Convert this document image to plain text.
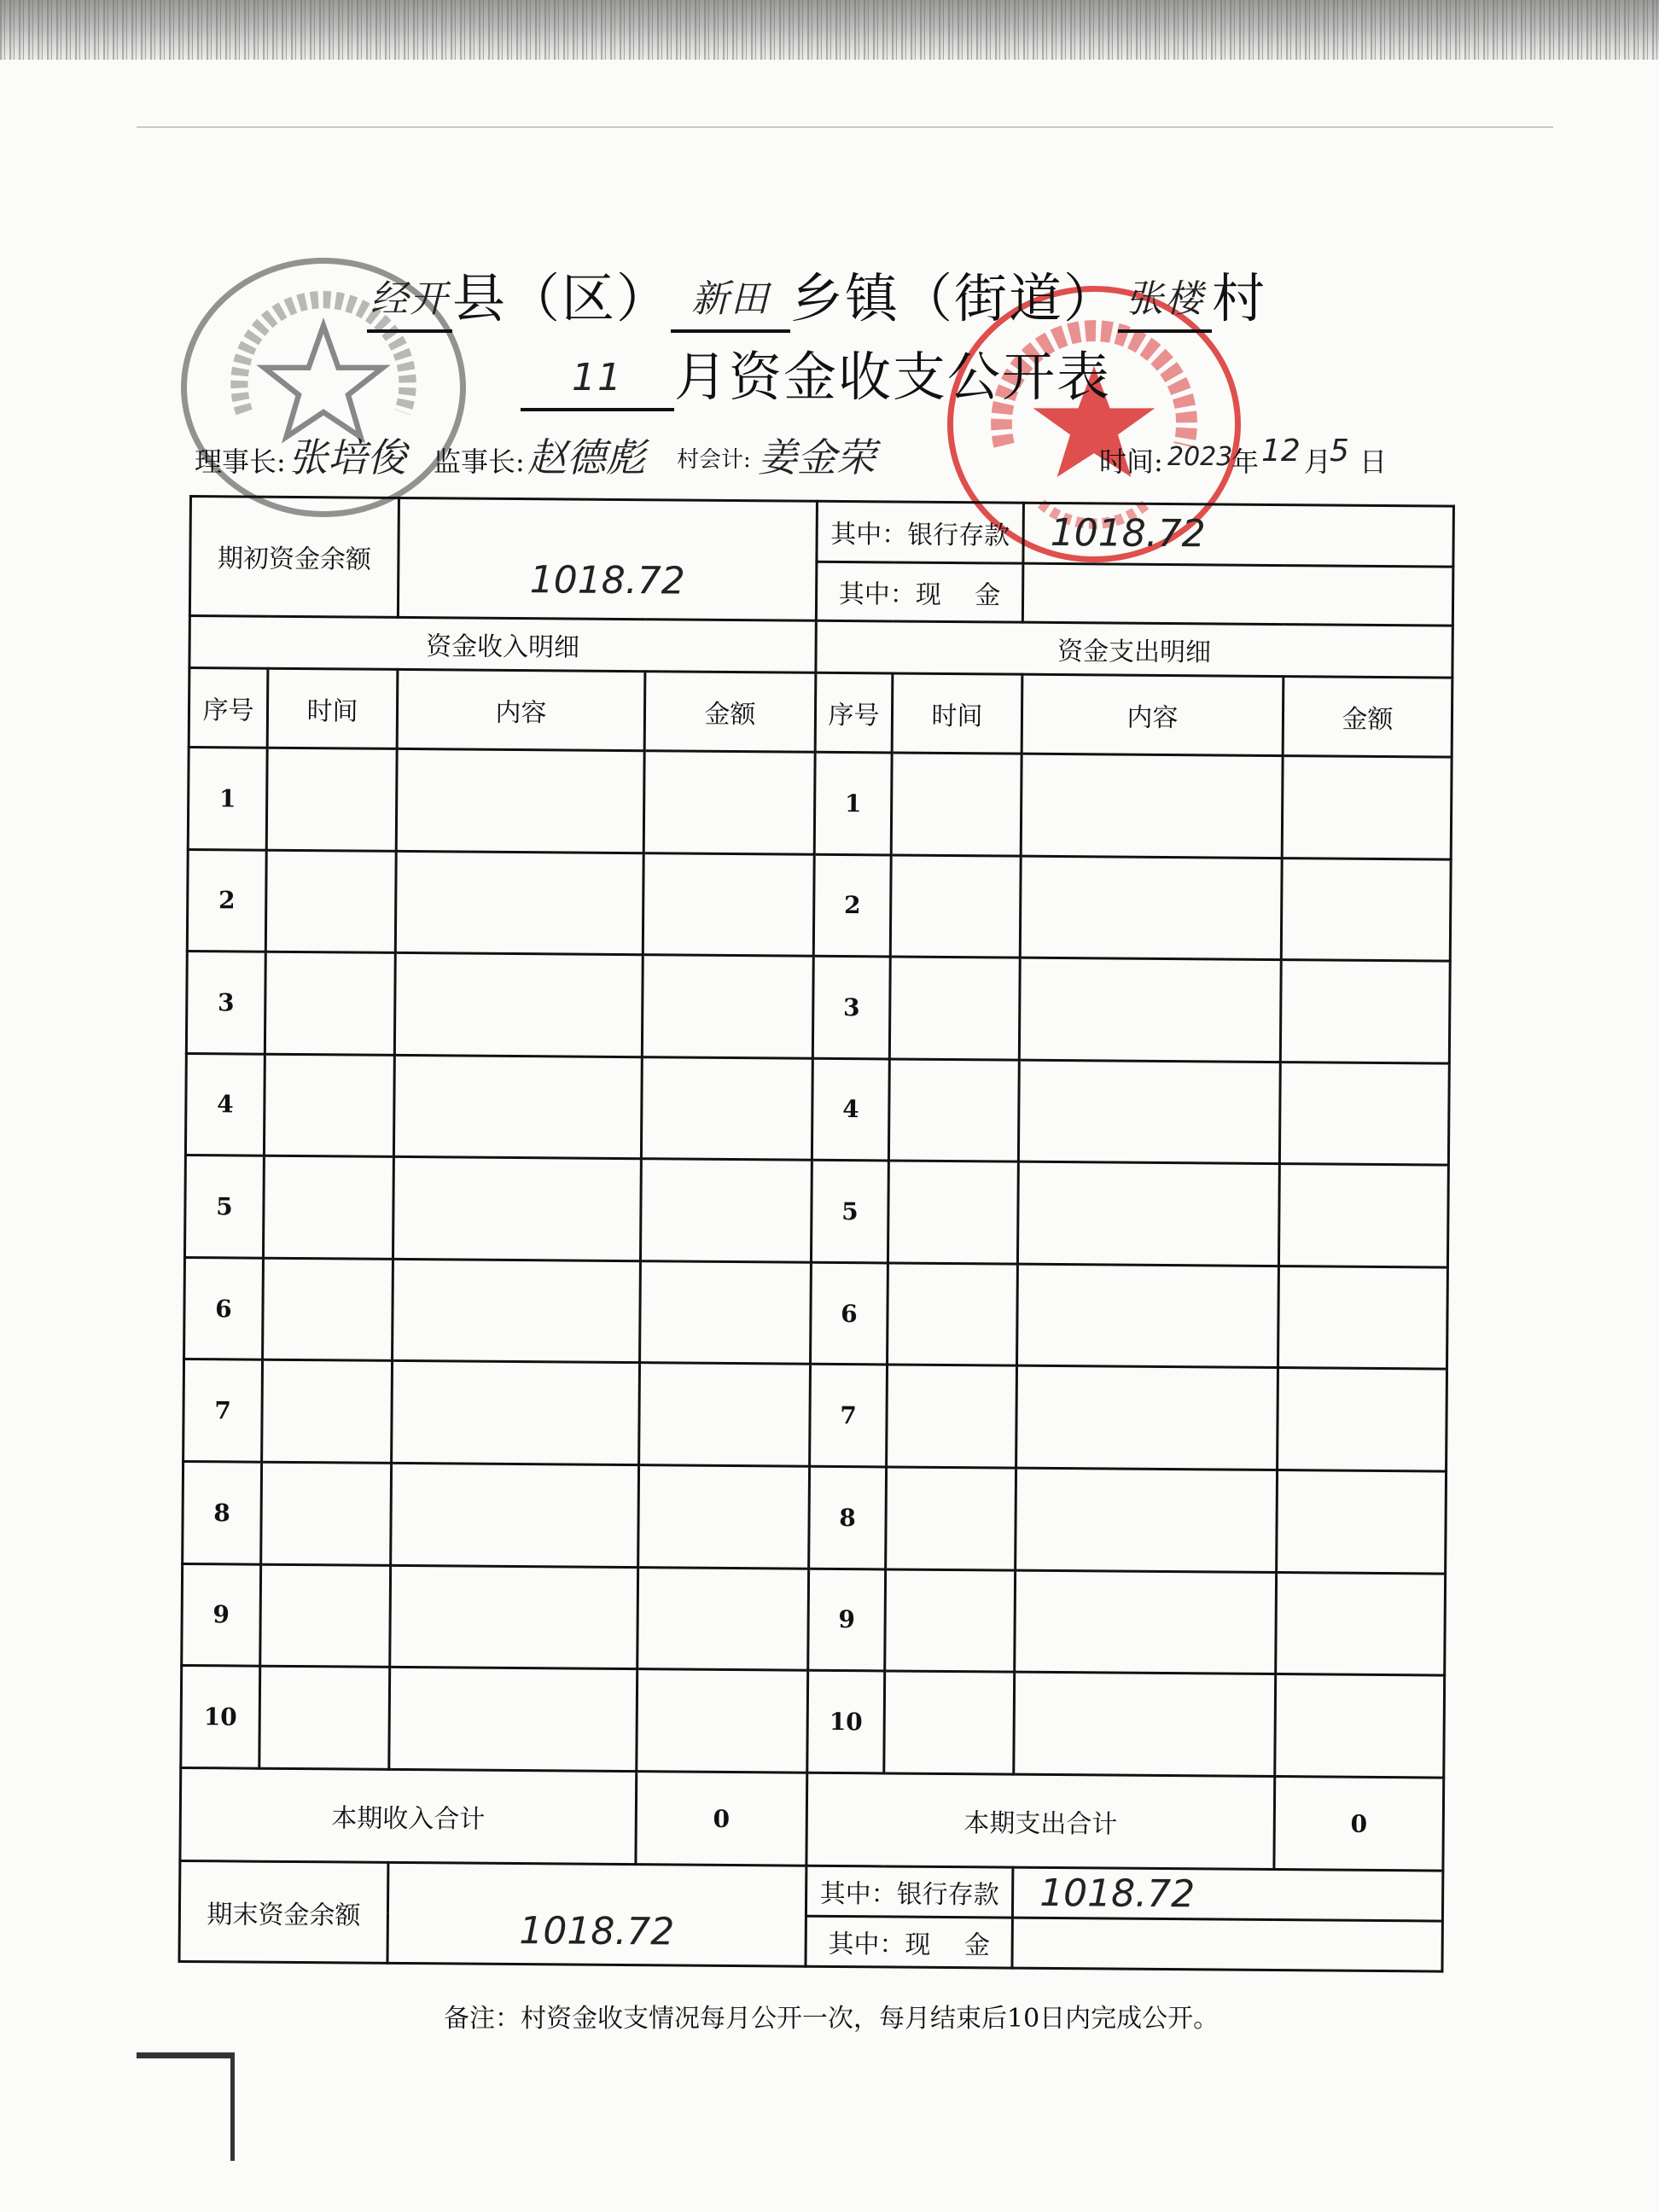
经开县（区） 新田 乡镇（街道） 张楼 村
11 月资金收支公开表
理事长: 张培俊 监事长: 赵德彪 村会计: 姜金荣	时间: 2023
年 12 月
5 日
期初资金余额		1018.72		其中：银行存款		1018.72	
				其中：现　 金			
资金收入明细				资金支出明细			
序号	时间	内容	金额	序号	时间	内容	金额
1				1			
2				2			
3				3			
4				4			
5				5			
6				6			
7				7			
8				8			
9				9			
10				10			
本期收入合计			0	本期支出合计			0
期末资金余额		1018.72		其中：银行存款		1018.72	
				其中：现　 金			
备注：村资金收支情况每月公开一次，每月结束后10日内完成公开。
